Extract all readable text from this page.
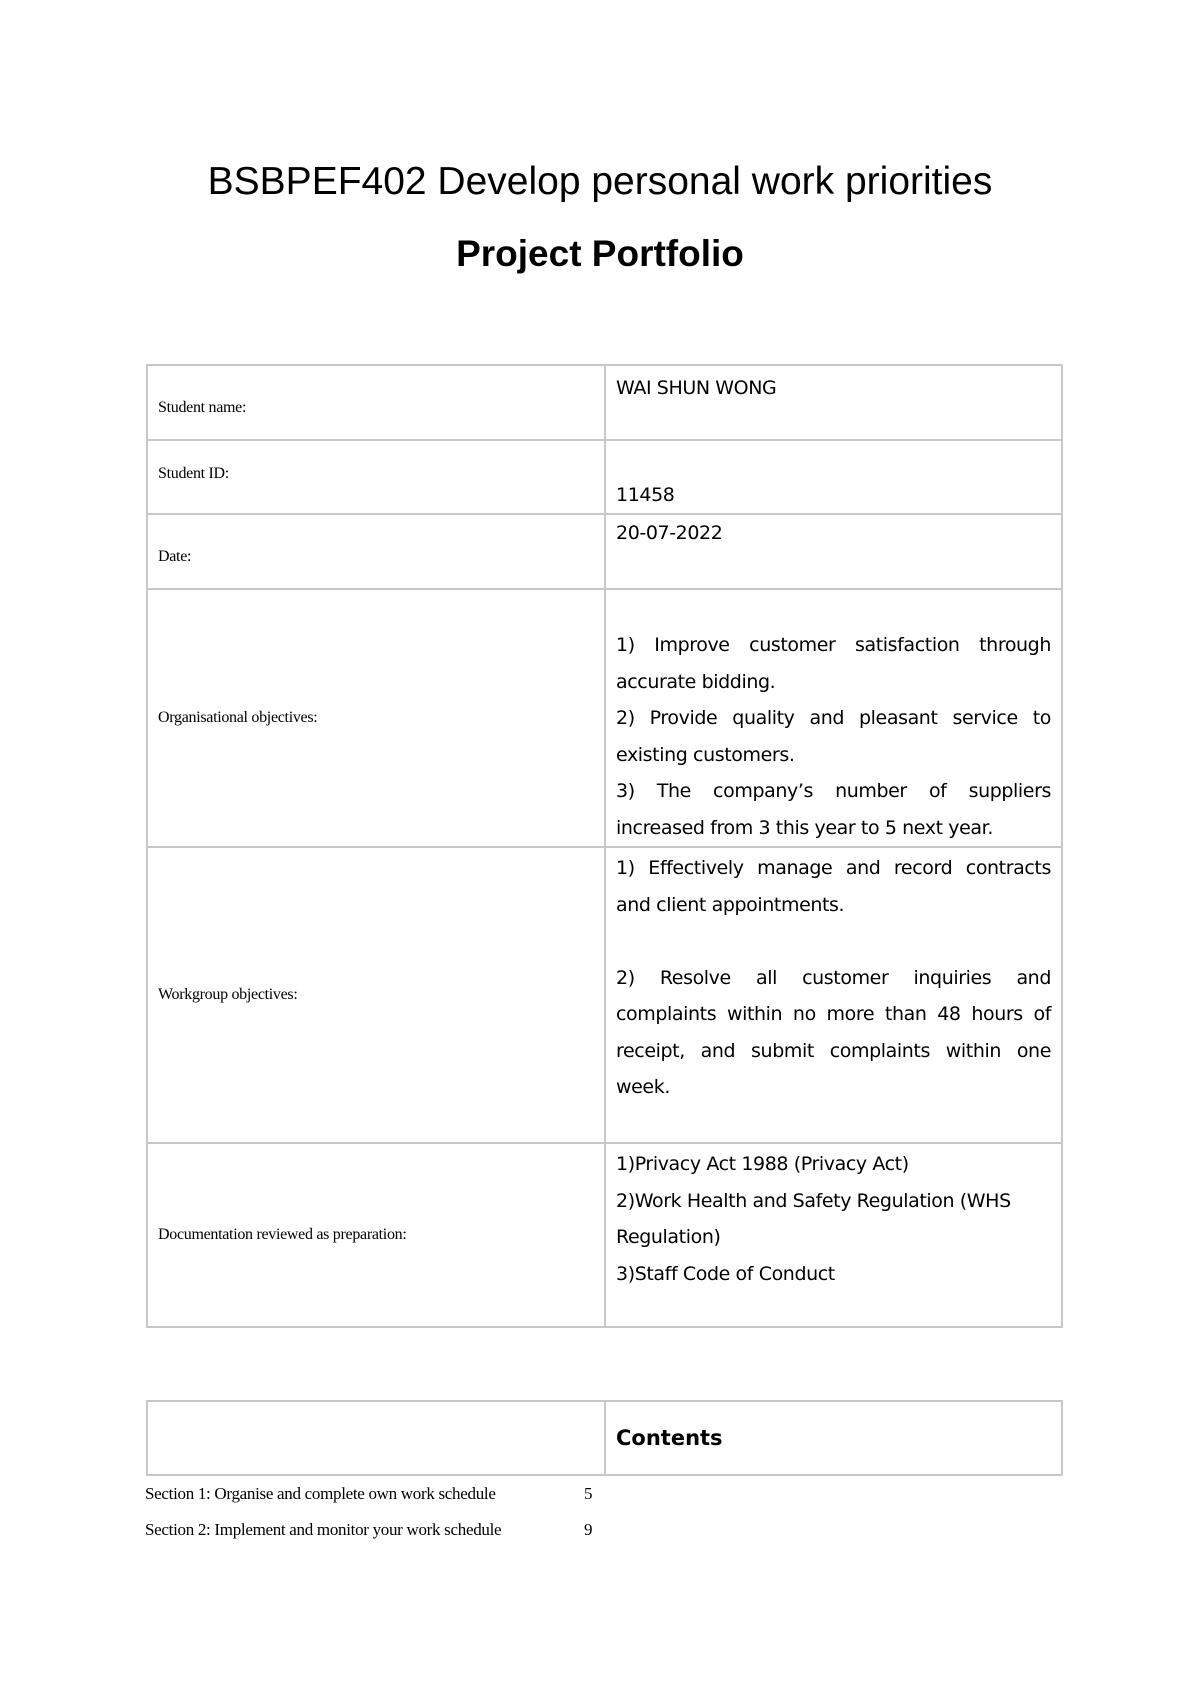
BSBPEF402 Develop personal work priorities
Project Portfolio
Student name:	WAI SHUN WONG

Student ID:	11458

Date:	20-07-2022

Organisational objectives:	1) Improve customer satisfaction through accurate bidding.

2) Provide quality and pleasant service to existing customers.

3) The company’s number of suppliers increased from 3 this year to 5 next year.

Workgroup objectives:	1) Effectively manage and record contracts and client appointments.

2) Resolve all customer inquiries and complaints within no more than 48 hours of receipt, and submit complaints within one week.

Documentation reviewed as preparation:	1)Privacy Act 1988 (Privacy Act)

2)Work Health and Safety Regulation (WHS Regulation)

3)Staff Code of Conduct

	Contents
Section 1: Organise and complete own work schedule	5
Section 2: Implement and monitor your work schedule	9
